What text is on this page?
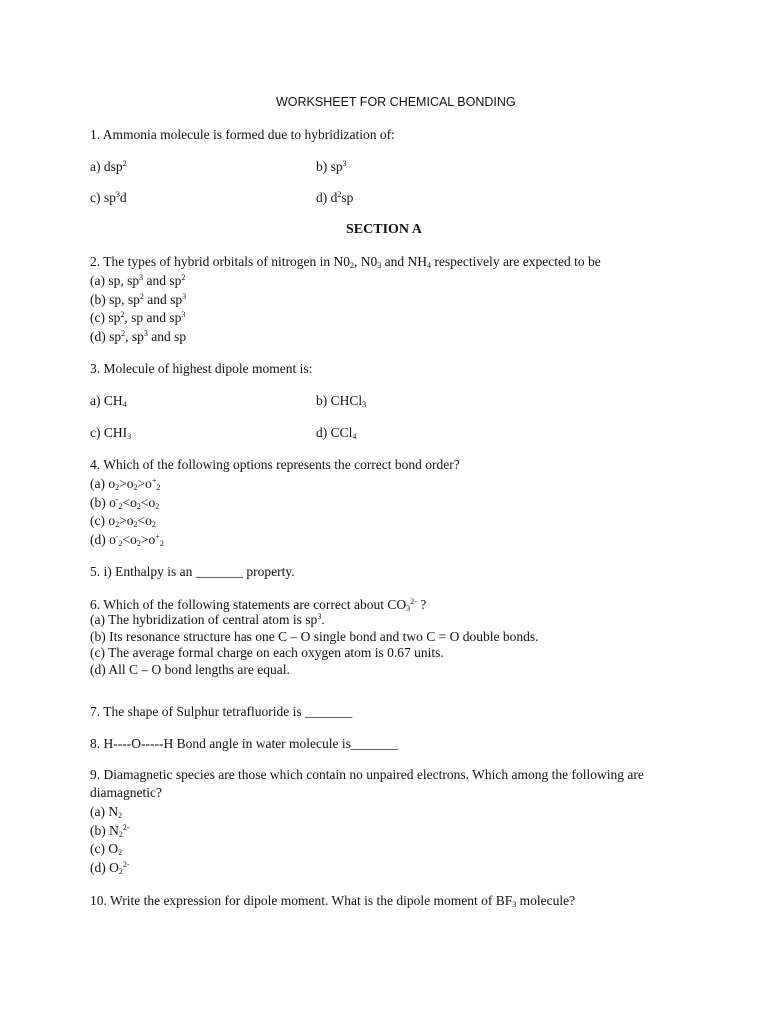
WORKSHEET FOR CHEMICAL BONDING
1. Ammonia molecule is formed due to hybridization of:
a) dsp$^2$	b) $sp^3$
c) $sp^3d$	d) $d^2sp$
SECTION A
2. The types of hybrid orbitals of nitrogen in $N0_2$, $N0_3$ and $NH_4$ respectively are expected to be
(a) sp, $sp^3$ and $sp^2$
(b) sp, $sp^2$ and $sp^3$
(c) $sp^2$, sp and $sp^3$
(d) $sp^2$, $sp^3$ and sp
3. Molecule of highest dipole moment is:
a) $CH_4$	b) CHCl$_3$
c) $CHI_3$	d) CCl$_4$
4. Which of the following options represents the correct bond order?
(a) $o_2>o_2>o^+_2$
(b) $o^-_2<o_2<o_2$
(c) $o_2>o_2<o_2$
(d) $o^-_2<o_2>o^+_2$
5. i) Enthalpy is an _______ property.
6. Which of the following statements are correct about $CO_3^{2-}$ ?
(a) The hybridization of central atom is $sp^3$.
(b) Its resonance structure has one C – O single bond and two C = O double bonds.
(c) The average formal charge on each oxygen atom is 0.67 units.
(d) All C – O bond lengths are equal.
7. The shape of Sulphur tetrafluoride is _______
8. H----O-----H Bond angle in water molecule is_______
9. Diamagnetic species are those which contain no unpaired electrons. Which among the following are
diamagnetic?
(a) $N_2$
(b) $N_2^{2-}$
(c) $O_2$
(d) $O_2^{2-}$
10. Write the expression for dipole moment. What is the dipole moment of $BF_3$ molecule?
